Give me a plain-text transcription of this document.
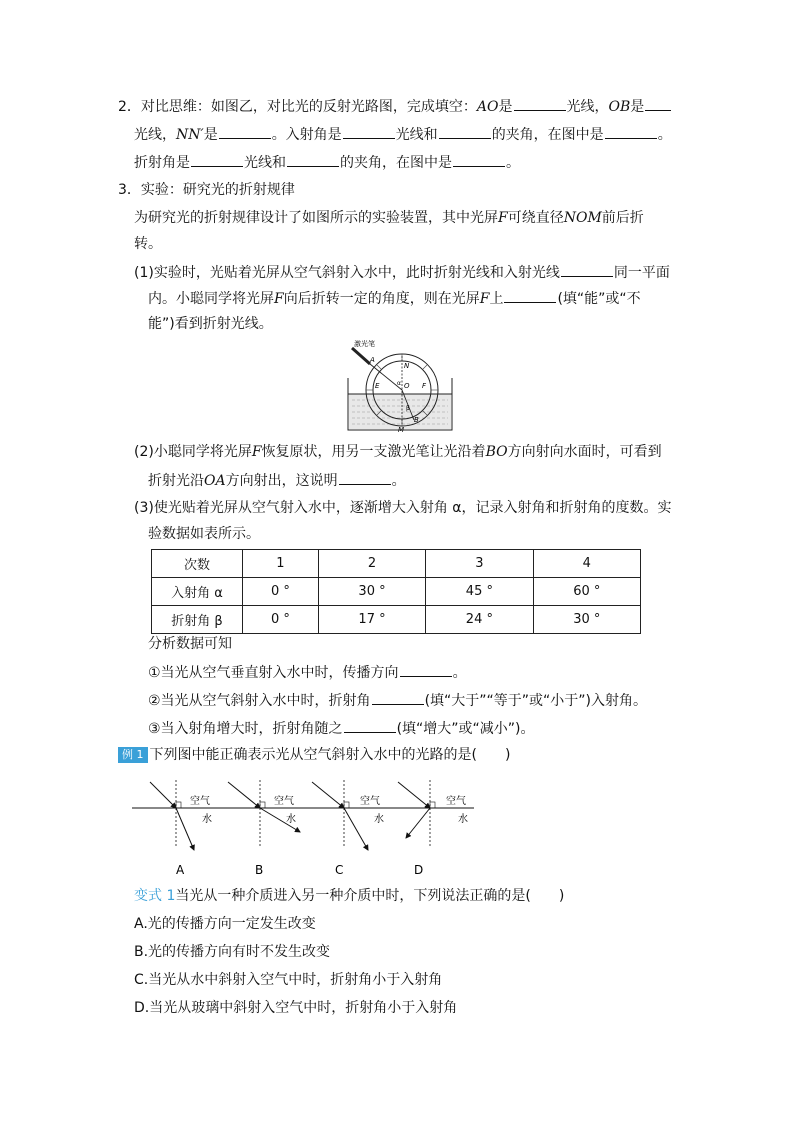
2．对比思维：如图乙，对比光的反射光路图，完成填空：AO是	光线，OB是
光线，NN′是	。入射角是	光线和	的夹角，在图中是	。
折射角是	光线和	的夹角，在图中是	。
3．实验：研究光的折射规律
为研究光的折射规律设计了如图所示的实验装置，其中光屏F可绕直径NOM前后折
转。
(1)实验时，光贴着光屏从空气斜射入水中，此时折射光线和入射光线	同一平面
内。小聪同学将光屏F向后折转一定的角度，则在光屏F上	(填“能”或“不
能”)看到折射光线。
激光笔
A
N
E	α O F
β
B
M
(2)小聪同学将光屏F恢复原状，用另一支激光笔让光沿着BO方向射向水面时，可看到
折射光沿OA方向射出，这说明	。
(3)使光贴着光屏从空气射入水中，逐渐增大入射角 α，记录入射角和折射角的度数。实
验数据如表所示。
次数	1	2	3	4
入射角 α	0 °	30 °	45 °	60 °
折射角 β	0 °	17 °	24 °	30 °
分析数据可知
①当光从空气垂直射入水中时，传播方向	。
②当光从空气斜射入水中时，折射角	(填“大于”“等于”或“小于”)入射角。
③当入射角增大时，折射角随之	(填“增大”或“减小”)。
例 1 下列图中能正确表示光从空气斜射入水中的光路的是(　　)
空气
水
A
空气
水
B
空气
水
C
空气
水
D
变式 1当光从一种介质进入另一种介质中时，下列说法正确的是(　　)
A.光的传播方向一定发生改变
B.光的传播方向有时不发生改变
C.当光从水中斜射入空气中时，折射角小于入射角
D.当光从玻璃中斜射入空气中时，折射角小于入射角
